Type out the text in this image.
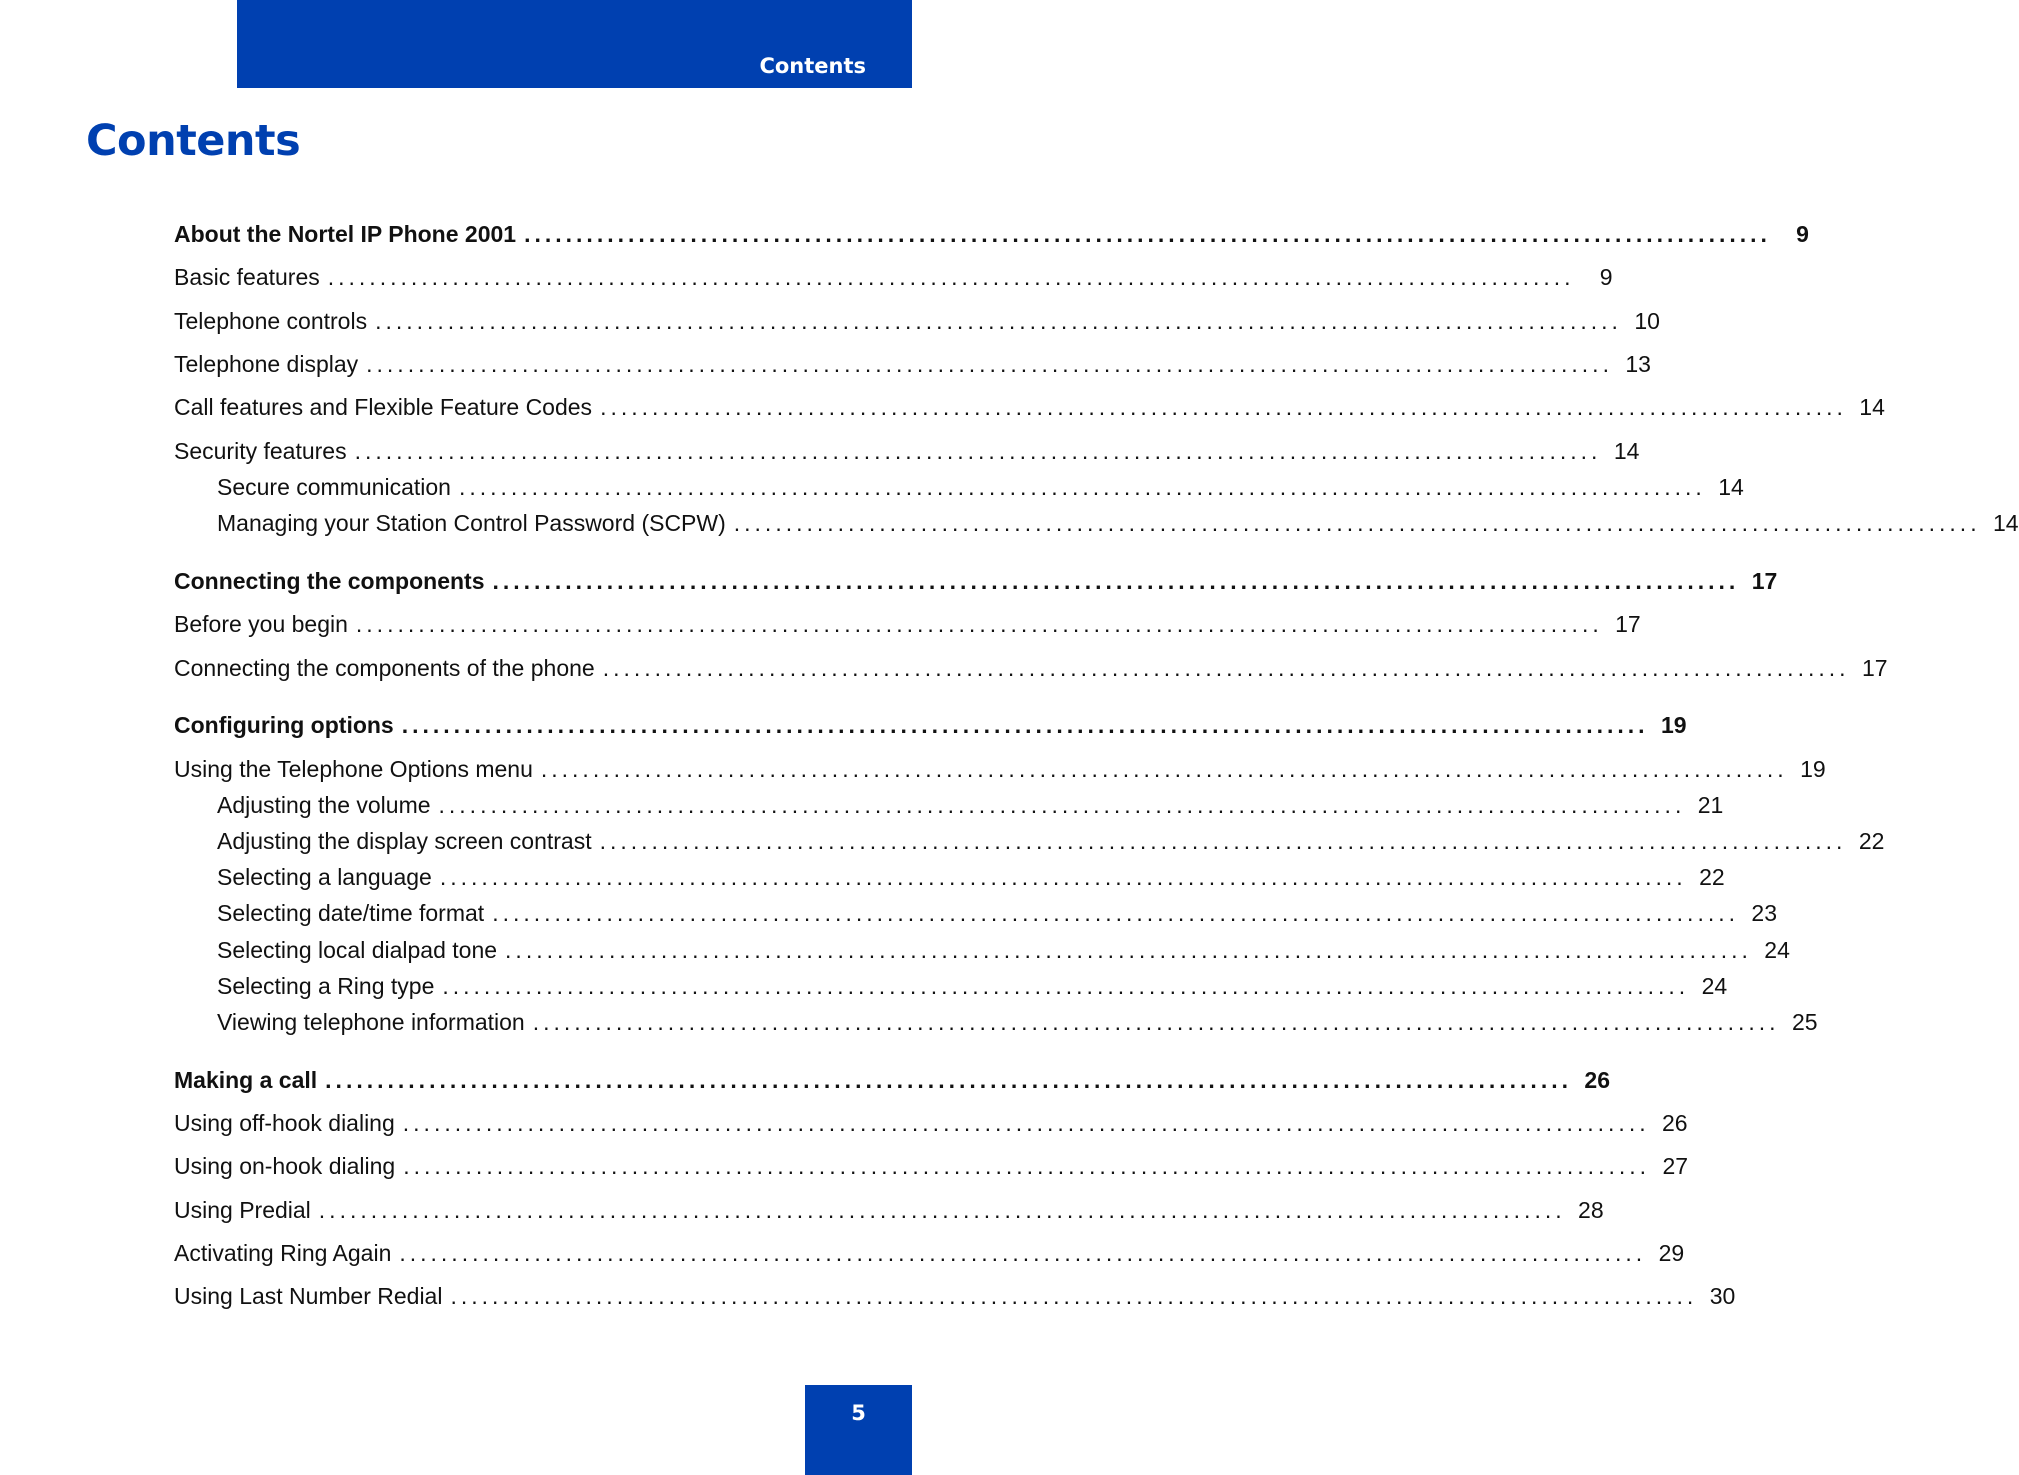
Contents
Contents
About the Nortel IP Phone 2001 ........................................................................................................................	9
Basic features ........................................................................................................................	9
Telephone controls ........................................................................................................................ 10
Telephone display ........................................................................................................................ 13
Call features and Flexible Feature Codes ........................................................................................................................ 14
Security features ........................................................................................................................ 14
Secure communication ........................................................................................................................ 14
Managing your Station Control Password (SCPW) ........................................................................................................................ 14
Connecting the components ........................................................................................................................ 17
Before you begin ........................................................................................................................ 17
Connecting the components of the phone ........................................................................................................................ 17
Configuring options ........................................................................................................................ 19
Using the Telephone Options menu ........................................................................................................................ 19
Adjusting the volume ........................................................................................................................ 21
Adjusting the display screen contrast ........................................................................................................................ 22
Selecting a language ........................................................................................................................ 22
Selecting date/time format ........................................................................................................................ 23
Selecting local dialpad tone ........................................................................................................................ 24
Selecting a Ring type ........................................................................................................................ 24
Viewing telephone information ........................................................................................................................ 25
Making a call ........................................................................................................................ 26
Using off-hook dialing ........................................................................................................................ 26
Using on-hook dialing ........................................................................................................................ 27
Using Predial ........................................................................................................................ 28
Activating Ring Again ........................................................................................................................ 29
Using Last Number Redial ........................................................................................................................ 30
5
